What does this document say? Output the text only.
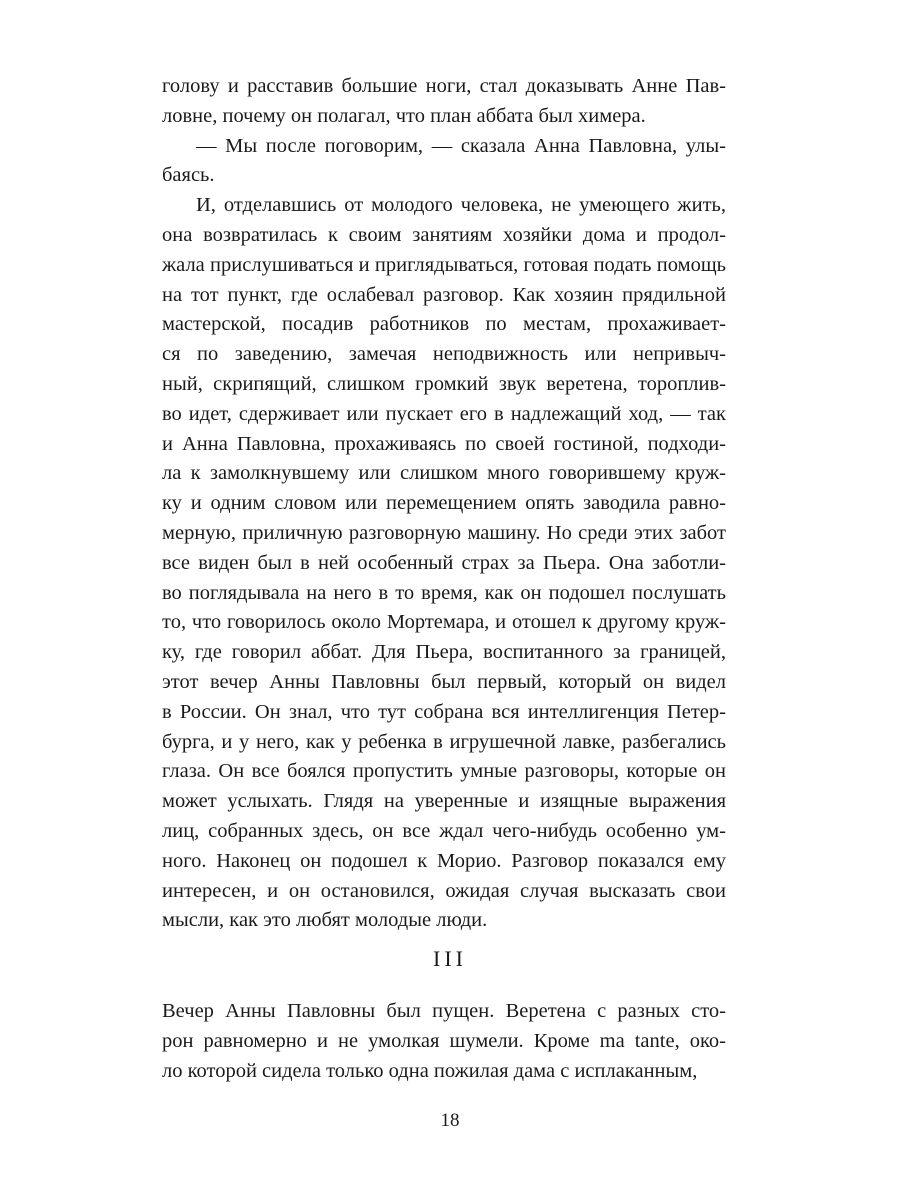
голову и расставив большие ноги, стал доказывать Анне Пав-
ловне, почему он полагал, что план аббата был химера.
— Мы после поговорим, — сказала Анна Павловна, улы-
баясь.
И, отделавшись от молодого человека, не умеющего жить,
она возвратилась к своим занятиям хозяйки дома и продол-
жала прислушиваться и приглядываться, готовая подать помощь
на тот пункт, где ослабевал разговор. Как хозяин прядильной
мастерской, посадив работников по местам, прохаживает-
ся по заведению, замечая неподвижность или непривыч-
ный, скрипящий, слишком громкий звук веретена, тороплив-
во идет, сдерживает или пускает его в надлежащий ход, — так
и Анна Павловна, прохаживаясь по своей гостиной, подходи-
ла к замолкнувшему или слишком много говорившему круж-
ку и одним словом или перемещением опять заводила равно-
мерную, приличную разговорную машину. Но среди этих забот
все виден был в ней особенный страх за Пьера. Она заботли-
во поглядывала на него в то время, как он подошел послушать
то, что говорилось около Мортемара, и отошел к другому круж-
ку, где говорил аббат. Для Пьера, воспитанного за границей,
этот вечер Анны Павловны был первый, который он видел
в России. Он знал, что тут собрана вся интеллигенция Петер-
бурга, и у него, как у ребенка в игрушечной лавке, разбегались
глаза. Он все боялся пропустить умные разговоры, которые он
может услыхать. Глядя на уверенные и изящные выражения
лиц, собранных здесь, он все ждал чего-нибудь особенно ум-
ного. Наконец он подошел к Морио. Разговор показался ему
интересен, и он остановился, ожидая случая высказать свои
мысли, как это любят молодые люди.
III
Вечер Анны Павловны был пущен. Веретена с разных сто-
рон равномерно и не умолкая шумели. Кроме ma tante, око-
ло которой сидела только одна пожилая дама с исплаканным,
18
